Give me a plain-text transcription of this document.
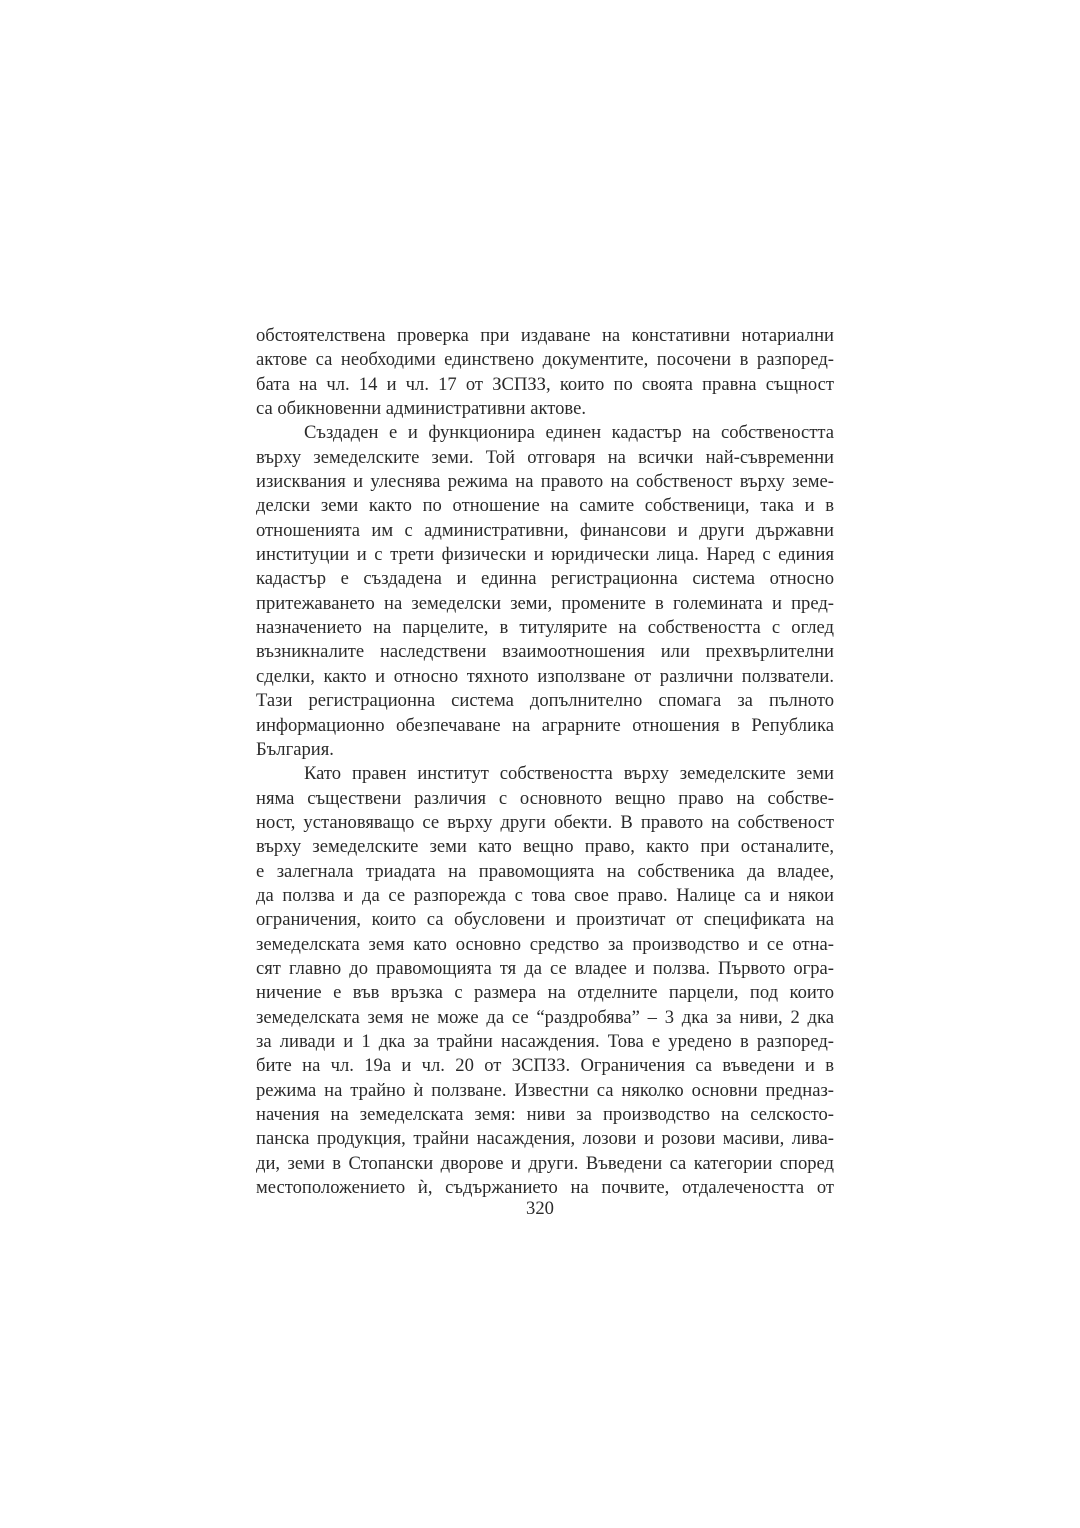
обстоятелствена проверка при издаване на констативни нотариални
актове са необходими единствено документите, посочени в разпоред-
бата на чл. 14 и чл. 17 от ЗСПЗЗ, които по своята правна същност
са обикновенни административни актове.
Създаден е и функционира единен кадастър на собствеността
върху земеделските земи. Той отговаря на всички най-съвременни
изисквания и улеснява режима на правото на собственост върху земе-
делски земи както по отношение на самите собственици, така и в
отношенията им с административни, финансови и други държавни
институции и с трети физически и юридически лица. Наред с единия
кадастър е създадена и единна регистрационна система относно
притежаването на земеделски земи, промените в големината и пред-
назначението на парцелите, в титулярите на собствеността с оглед
възникналите наследствени взаимоотношения или прехвърлителни
сделки, както и относно тяхното използване от различни ползватели.
Тази регистрационна система допълнително спомага за пълното
информационно обезпечаване на аграрните отношения в Република
България.
Като правен институт собствеността върху земеделските земи
няма съществени различия с основното вещно право на собстве-
ност, установяващо се върху други обекти. В правото на собственост
върху земеделските земи като вещно право, както при останалите,
е залегнала триадата на правомощията на собственика да владее,
да ползва и да се разпорежда с това свое право. Налице са и някои
ограничения, които са обусловени и произтичат от спецификата на
земеделската земя като основно средство за производство и се отна-
сят главно до правомощията тя да се владее и ползва. Първото огра-
ничение е във връзка с размера на отделните парцели, под които
земеделската земя не може да се “раздробява” – 3 дка за ниви, 2 дка
за ливади и 1 дка за трайни насаждения. Това е уредено в разпоред-
бите на чл. 19а и чл. 20 от ЗСПЗЗ. Ограничения са въведени и в
режима на трайно ѝ ползване. Известни са няколко основни предназ-
начения на земеделската земя: ниви за производство на селскосто-
панска продукция, трайни насаждения, лозови и розови масиви, лива-
ди, земи в Стопански дворове и други. Въведени са категории според
местоположението ѝ, съдържанието на почвите, отдалечеността от
320
